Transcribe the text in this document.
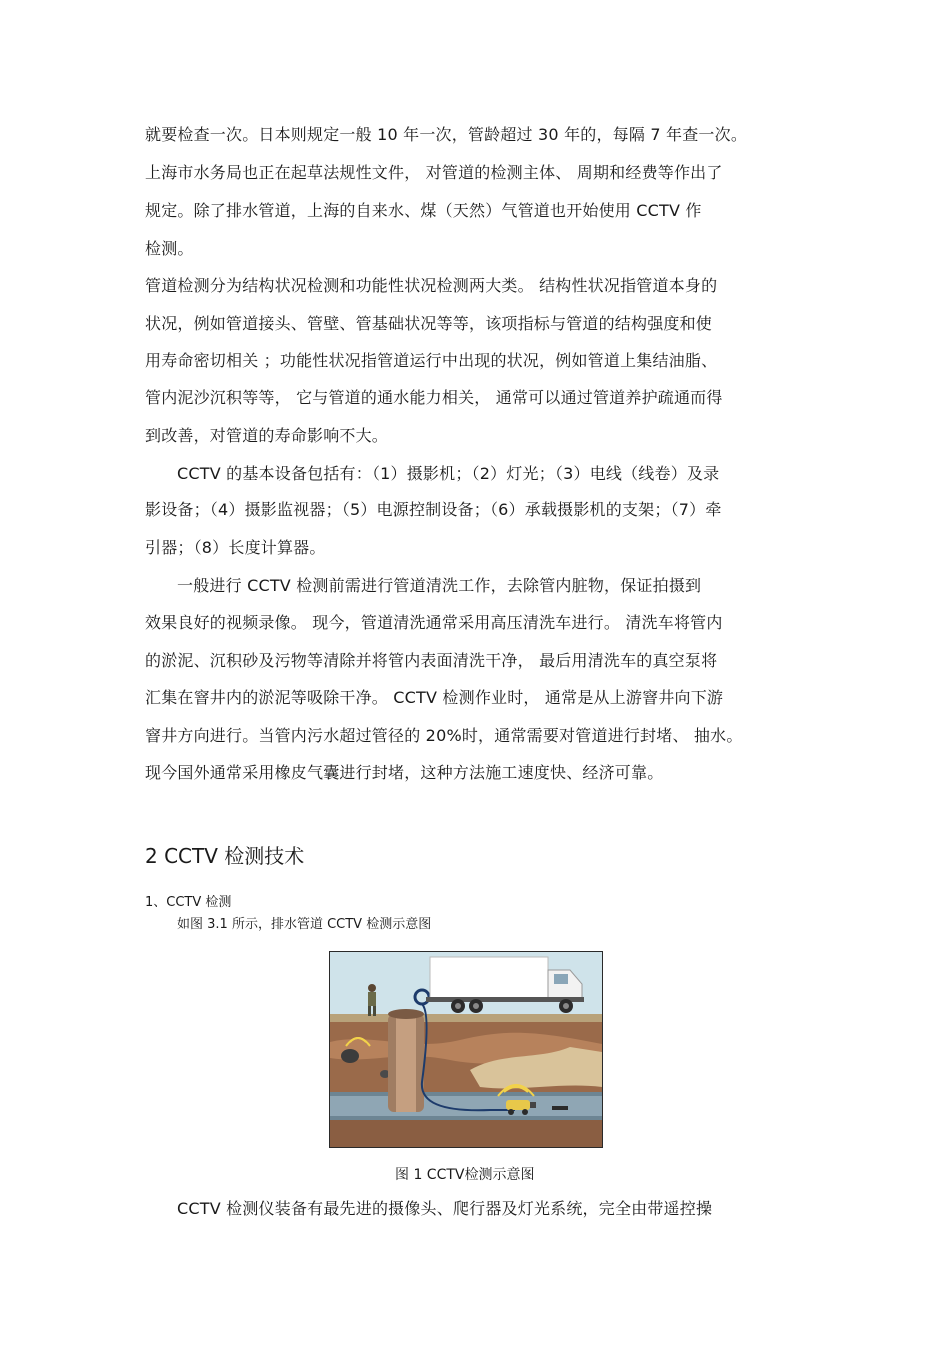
就要检查一次。日本则规定一般 10 年一次，管龄超过 30 年的，每隔 7 年查一次。
上海市水务局也正在起草法规性文件， 对管道的检测主体、 周期和经费等作出了
规定。除了排水管道，上海的自来水、煤（天然）气管道也开始使用 CCTV 作
检测。
管道检测分为结构状况检测和功能性状况检测两大类。 结构性状况指管道本身的
状况，例如管道接头、管壁、管基础状况等等，该项指标与管道的结构强度和使
用寿命密切相关 ；功能性状况指管道运行中出现的状况，例如管道上集结油脂、
管内泥沙沉积等等， 它与管道的通水能力相关， 通常可以通过管道养护疏通而得
到改善，对管道的寿命影响不大。
CCTV 的基本设备包括有：（1）摄影机；（2）灯光；（3）电线（线卷）及录
影设备；（4）摄影监视器；（5）电源控制设备；（6）承载摄影机的支架；（7）牵
引器；（8）长度计算器。
一般进行 CCTV 检测前需进行管道清洗工作，去除管内脏物，保证拍摄到
效果良好的视频录像。 现今，管道清洗通常采用高压清洗车进行。 清洗车将管内
的淤泥、沉积砂及污物等清除并将管内表面清洗干净， 最后用清洗车的真空泵将
汇集在窨井内的淤泥等吸除干净。 CCTV 检测作业时， 通常是从上游窨井向下游
窨井方向进行。当管内污水超过管径的 20%时，通常需要对管道进行封堵、 抽水。
现今国外通常采用橡皮气囊进行封堵，这种方法施工速度快、经济可靠。
2 CCTV 检测技术
1、CCTV 检测
如图 3.1 所示，排水管道 CCTV 检测示意图
图 1 CCTV检测示意图
CCTV 检测仪装备有最先进的摄像头、爬行器及灯光系统，完全由带遥控操
